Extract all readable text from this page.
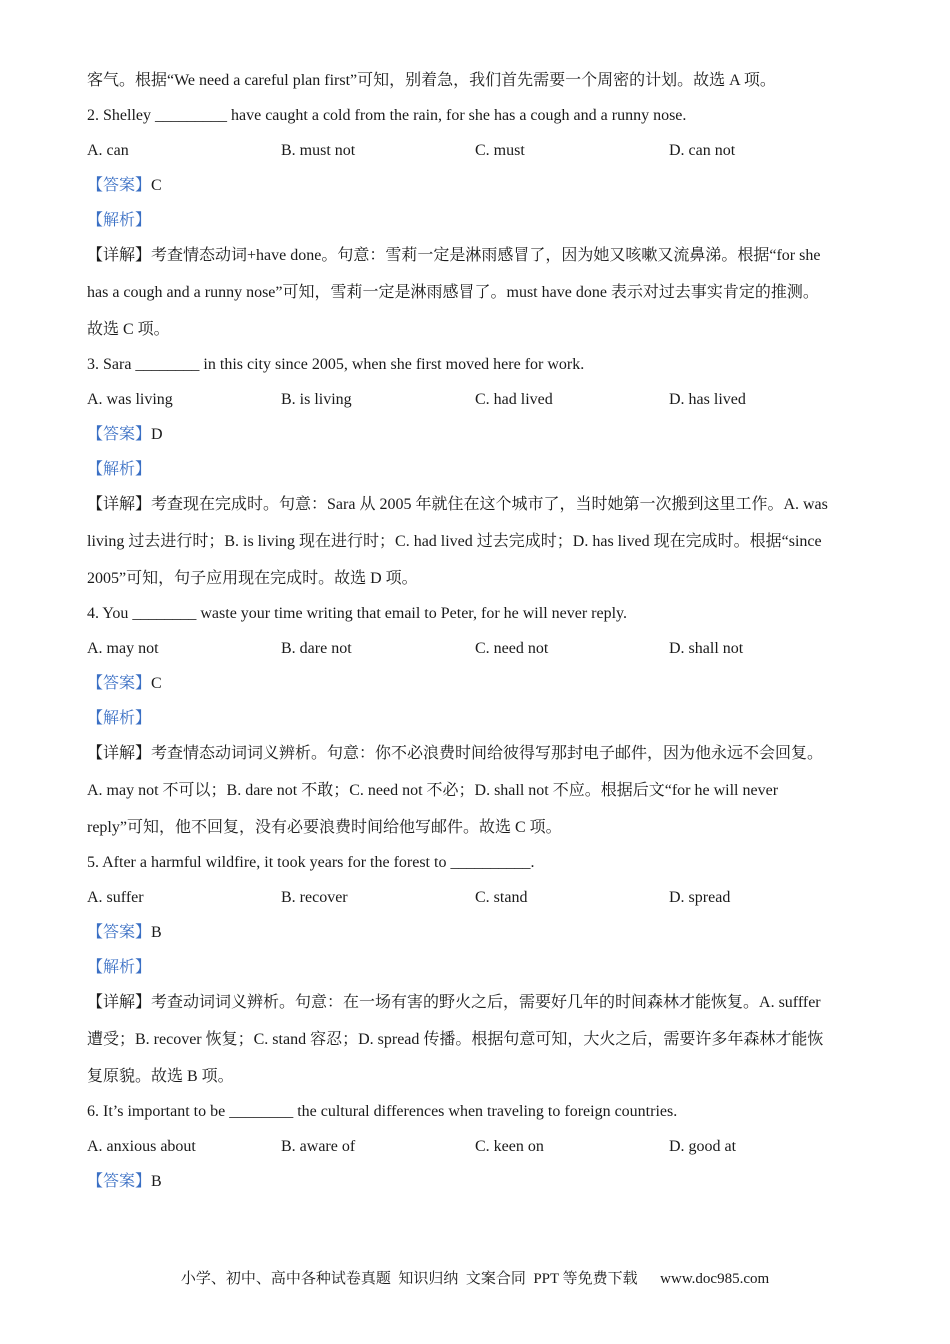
客气。根据“We need a careful plan first”可知，别着急，我们首先需要一个周密的计划。故选 A 项。

2. Shelley _________ have caught a cold from the rain, for she has a cough and a runny nose.

A. can	B. must not	C. must	D. can not

【答案】C

【解析】

【详解】考查情态动词+have done。句意：雪莉一定是淋雨感冒了，因为她又咳嗽又流鼻涕。根据“for she

has a cough and a runny nose”可知，雪莉一定是淋雨感冒了。must have done 表示对过去事实肯定的推测。

故选 C 项。

3. Sara ________ in this city since 2005, when she first moved here for work.

A. was living	B. is living	C. had lived	D. has lived

【答案】D

【解析】

【详解】考查现在完成时。句意：Sara 从 2005 年就住在这个城市了，当时她第一次搬到这里工作。A. was

living 过去进行时；B. is living 现在进行时；C. had lived 过去完成时；D. has lived 现在完成时。根据“since

2005”可知，句子应用现在完成时。故选 D 项。

4. You ________ waste your time writing that email to Peter, for he will never reply.

A. may not	B. dare not	C. need not	D. shall not

【答案】C

【解析】

【详解】考查情态动词词义辨析。句意：你不必浪费时间给彼得写那封电子邮件，因为他永远不会回复。

A. may not 不可以；B. dare not 不敢；C. need not 不必；D. shall not 不应。根据后文“for he will never

reply”可知，他不回复，没有必要浪费时间给他写邮件。故选 C 项。

5. After a harmful wildfire, it took years for the forest to __________.

A. suffer	B. recover	C. stand	D. spread

【答案】B

【解析】

【详解】考查动词词义辨析。句意：在一场有害的野火之后，需要好几年的时间森林才能恢复。A. sufffer

遭受；B. recover 恢复；C. stand 容忍；D. spread 传播。根据句意可知，大火之后，需要许多年森林才能恢

复原貌。故选 B 项。

6. It’s important to be ________ the cultural differences when traveling to foreign countries.

A. anxious about	B. aware of	C. keen on	D. good at

【答案】B

小学、初中、高中各种试卷真题  知识归纳  文案合同  PPT 等免费下载      www.doc985.com
